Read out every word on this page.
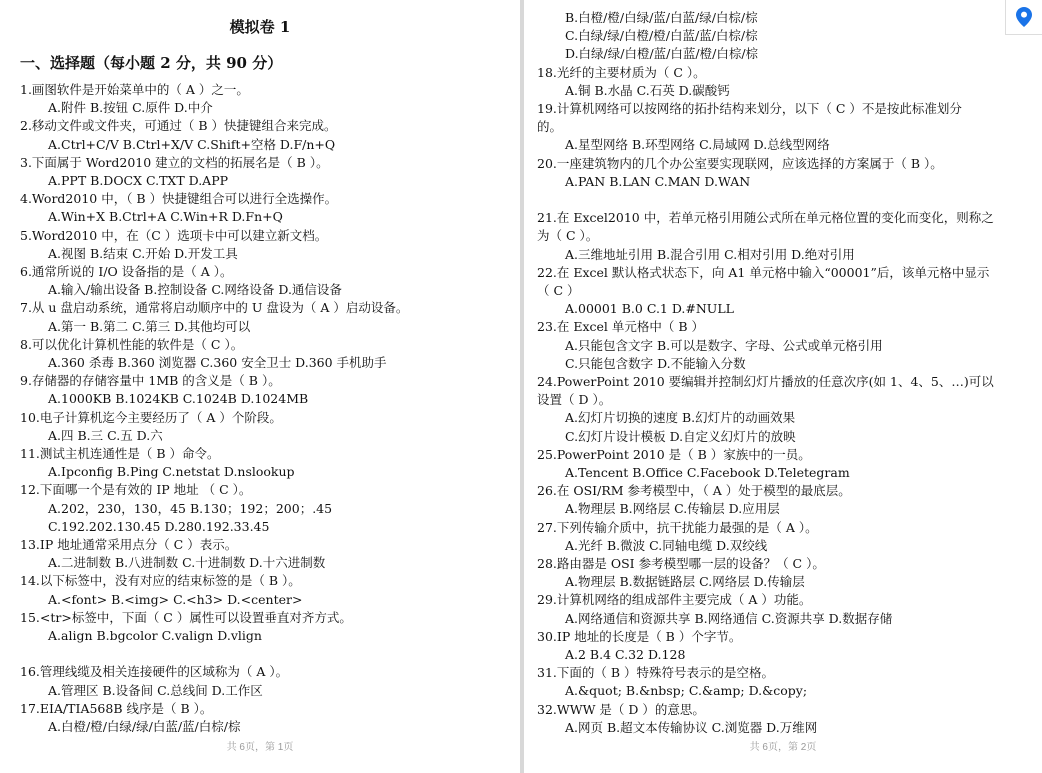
模拟卷 1
一、选择题（每小题 2 分，共 90 分）
1.画图软件是开始菜单中的（ A ）之一。
A.附件 B.按钮 C.原件 D.中介
2.移动文件或文件夹，可通过（ B ）快捷键组合来完成。
A.Ctrl+C/V B.Ctrl+X/V C.Shift+空格 D.F/n+Q
3.下面属于 Word2010 建立的文档的拓展名是（ B ）。
A.PPT B.DOCX C.TXT D.APP
4.Word2010 中，（ B ）快捷键组合可以进行全选操作。
A.Win+X B.Ctrl+A C.Win+R D.Fn+Q
5.Word2010 中，在（C ）选项卡中可以建立新文档。
A.视图 B.结束 C.开始 D.开发工具
6.通常所说的 I/O 设备指的是（ A ）。
A.输入/输出设备 B.控制设备 C.网络设备 D.通信设备
7.从 u 盘启动系统，通常将启动顺序中的 U 盘设为（ A ）启动设备。
A.第一 B.第二 C.第三 D.其他均可以
8.可以优化计算机性能的软件是（ C ）。
A.360 杀毒 B.360 浏览器 C.360 安全卫士 D.360 手机助手
9.存储器的存储容量中 1MB 的含义是（ B ）。
A.1000KB B.1024KB C.1024B D.1024MB
10.电子计算机迄今主要经历了（ A ）个阶段。
A.四 B.三 C.五 D.六
11.测试主机连通性是（ B ）命令。
A.Ipconfig B.Ping C.netstat D.nslookup
12.下面哪一个是有效的 IP 地址 （ C ）。
A.202，230，130，45 B.130；192；200；.45
C.192.202.130.45 D.280.192.33.45
13.IP 地址通常采用点分（ C ）表示。
A.二进制数 B.八进制数 C.十进制数 D.十六进制数
14.以下标签中，没有对应的结束标签的是（ B ）。
A.<font> B.<img> C.<h3> D.<center>
15.<tr>标签中，下面（ C ）属性可以设置垂直对齐方式。
A.align B.bgcolor C.valign D.vlign
16.管理线缆及相关连接硬件的区域称为（ A ）。
A.管理区 B.设备间 C.总线间 D.工作区
17.EIA/TIA568B 线序是（ B ）。
A.白橙/橙/白绿/绿/白蓝/蓝/白棕/棕
共 6页，第 1页
B.白橙/橙/白绿/蓝/白蓝/绿/白棕/棕
C.白绿/绿/白橙/橙/白蓝/蓝/白棕/棕
D.白绿/绿/白橙/蓝/白蓝/橙/白棕/棕
18.光纤的主要材质为（ C ）。
A.铜 B.水晶 C.石英 D.碳酸钙
19.计算机网络可以按网络的拓扑结构来划分，以下（ C ）不是按此标准划分
的。
A.星型网络 B.环型网络 C.局域网 D.总线型网络
20.一座建筑物内的几个办公室要实现联网，应该选择的方案属于（ B ）。
A.PAN B.LAN C.MAN D.WAN
21.在 Excel2010 中，若单元格引用随公式所在单元格位置的变化而变化，则称之
为（ C ）。
A.三维地址引用 B.混合引用 C.相对引用 D.绝对引用
22.在 Excel 默认格式状态下，向 A1 单元格中输入“00001”后，该单元格中显示
（ C ）
A.00001 B.0 C.1 D.#NULL
23.在 Excel 单元格中（ B ）
A.只能包含文字 B.可以是数字、字母、公式或单元格引用
C.只能包含数字 D.不能输入分数
24.PowerPoint 2010 要编辑并控制幻灯片播放的任意次序(如 1、4、5、…)可以
设置（ D ）。
A.幻灯片切换的速度 B.幻灯片的动画效果
C.幻灯片设计模板 D.自定义幻灯片的放映
25.PowerPoint 2010 是（ B ）家族中的一员。
A.Tencent B.Office C.Facebook D.Teletegram
26.在 OSI/RM 参考模型中，（ A ）处于模型的最底层。
A.物理层 B.网络层 C.传输层 D.应用层
27.下列传输介质中，抗干扰能力最强的是（ A ）。
A.光纤 B.微波 C.同轴电缆 D.双绞线
28.路由器是 OSI 参考模型哪一层的设备？（ C ）。
A.物理层 B.数据链路层 C.网络层 D.传输层
29.计算机网络的组成部件主要完成（ A ）功能。
A.网络通信和资源共享 B.网络通信 C.资源共享 D.数据存储
30.IP 地址的长度是（ B ）个字节。
A.2 B.4 C.32 D.128
31.下面的（ B ）特殊符号表示的是空格。
A.&quot; B.&nbsp; C.&amp; D.&copy;
32.WWW 是（ D ）的意思。
A.网页 B.超文本传输协议 C.浏览器 D.万维网
共 6页，第 2页
